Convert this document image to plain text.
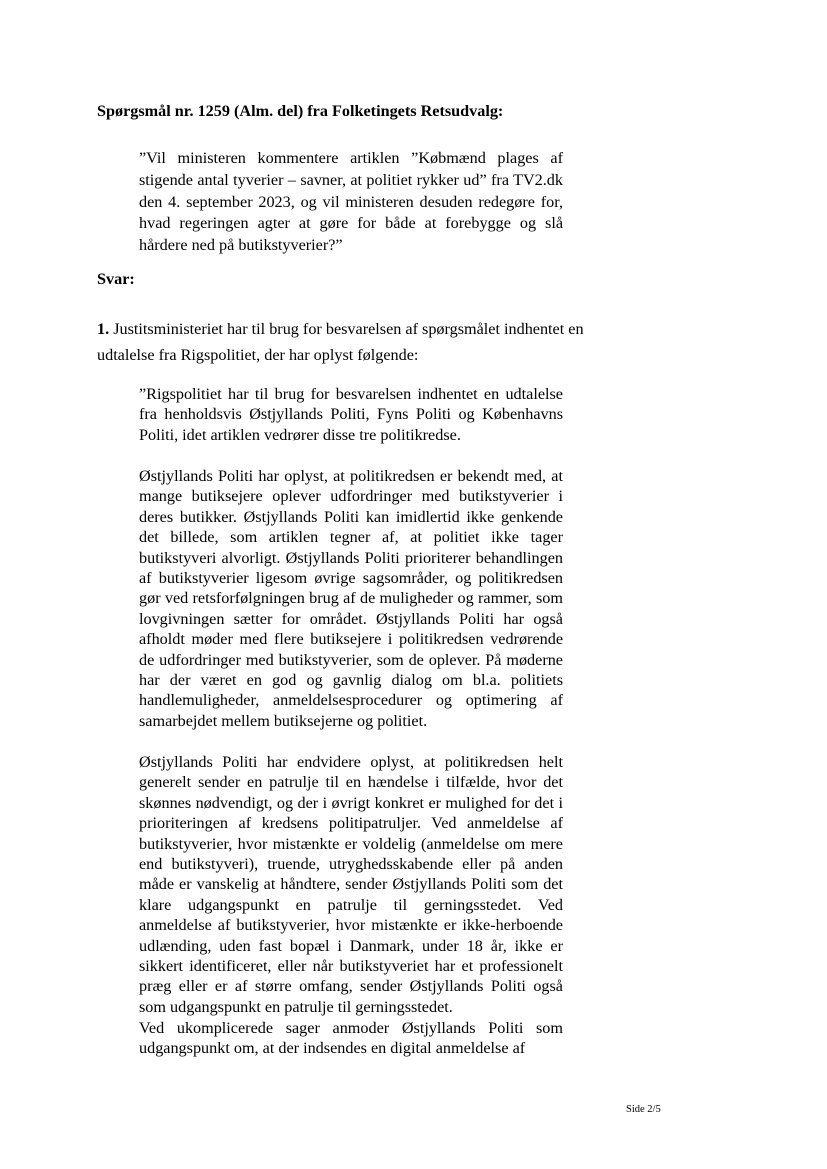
Spørgsmål nr. 1259 (Alm. del) fra Folketingets Retsudvalg:

”Vil ministeren kommentere artiklen ”Købmænd plages af stigende antal tyverier – savner, at politiet rykker ud” fra TV2.dk den 4. september 2023, og vil ministeren desuden redegøre for, hvad regeringen agter at gøre for både at forebygge og slå hårdere ned på butikstyverier?”

Svar:

1. Justitsministeriet har til brug for besvarelsen af spørgsmålet indhentet en udtalelse fra Rigspolitiet, der har oplyst følgende:

”Rigspolitiet har til brug for besvarelsen indhentet en udtalelse fra henholdsvis Østjyllands Politi, Fyns Politi og Københavns Politi, idet artiklen vedrører disse tre politikredse.

Østjyllands Politi har oplyst, at politikredsen er bekendt med, at mange butiksejere oplever udfordringer med butikstyverier i deres butikker. Østjyllands Politi kan imidlertid ikke genkende det billede, som artiklen tegner af, at politiet ikke tager butikstyveri alvorligt. Østjyllands Politi prioriterer behandlingen af butikstyverier ligesom øvrige sagsområder, og politikredsen gør ved retsforfølgningen brug af de muligheder og rammer, som lovgivningen sætter for området. Østjyllands Politi har også afholdt møder med flere butiksejere i politikredsen vedrørende de udfordringer med butikstyverier, som de oplever. På møderne har der været en god og gavnlig dialog om bl.a. politiets handlemuligheder, anmeldelsesprocedurer og optimering af samarbejdet mellem butiksejerne og politiet.

Østjyllands Politi har endvidere oplyst, at politikredsen helt generelt sender en patrulje til en hændelse i tilfælde, hvor det skønnes nødvendigt, og der i øvrigt konkret er mulighed for det i prioriteringen af kredsens politipatruljer. Ved anmeldelse af butikstyverier, hvor mistænkte er voldelig (anmeldelse om mere end butikstyveri), truende, utryghedsskabende eller på anden måde er vanskelig at håndtere, sender Østjyllands Politi som det klare udgangspunkt en patrulje til gerningsstedet. Ved anmeldelse af butikstyverier, hvor mistænkte er ikke-herboende udlænding, uden fast bopæl i Danmark, under 18 år, ikke er sikkert identificeret, eller når butikstyveriet har et professionelt præg eller er af større omfang, sender Østjyllands Politi også som udgangspunkt en patrulje til gerningsstedet.

Ved ukomplicerede sager anmoder Østjyllands Politi som udgangspunkt om, at der indsendes en digital anmeldelse af

Side 2/5
